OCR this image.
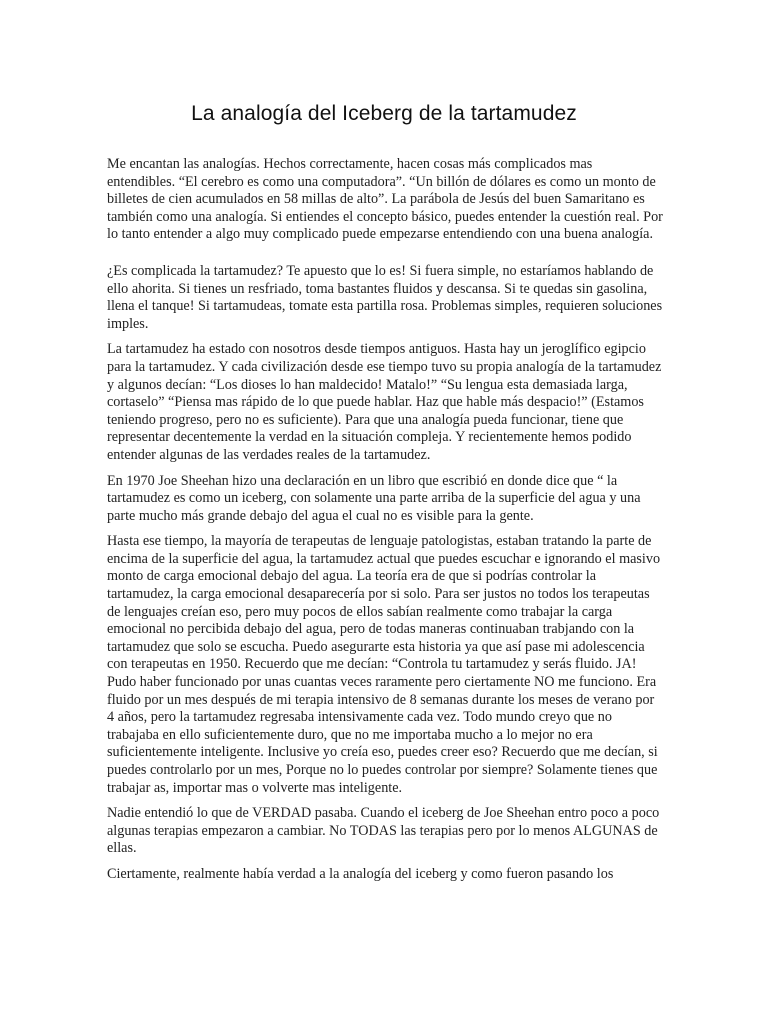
La analogía del Iceberg de la tartamudez

Me encantan las analogías. Hechos correctamente, hacen cosas más complicados mas entendibles. “El cerebro es como una computadora”. “Un billón de dólares es como un monto de billetes de cien acumulados en 58 millas de alto”. La parábola de Jesús del buen Samaritano es también como una analogía. Si entiendes el concepto básico, puedes entender la cuestión real. Por lo tanto entender a algo muy complicado puede empezarse entendiendo con una buena analogía.

¿Es complicada la tartamudez? Te apuesto que lo es! Si fuera simple, no estaríamos hablando de ello ahorita. Si tienes un resfriado, toma bastantes fluidos y descansa. Si te quedas sin gasolina, llena el tanque! Si tartamudeas, tomate esta partilla rosa. Problemas simples, requieren soluciones imples.

La tartamudez ha estado con nosotros desde tiempos antiguos. Hasta hay un jeroglífico egipcio para la tartamudez. Y cada civilización desde ese tiempo tuvo su propia analogía de la tartamudez y algunos decían: “Los dioses lo han maldecido! Matalo!” “Su lengua esta demasiada larga, cortaselo” “Piensa mas rápido de lo que puede hablar. Haz que hable más despacio!” (Estamos teniendo progreso, pero no es suficiente). Para que una analogía pueda funcionar, tiene que representar decentemente la verdad en la situación compleja. Y recientemente hemos podido entender algunas de las verdades reales de la tartamudez.

En 1970 Joe Sheehan hizo una declaración en un libro que escribió en donde dice que “ la tartamudez es como un iceberg, con solamente una parte arriba de la superficie del agua y una parte mucho más grande debajo del agua el cual no es visible para la gente.

Hasta ese tiempo, la mayoría de terapeutas de lenguaje patologistas, estaban tratando la parte de encima de la superficie del agua, la tartamudez actual que puedes escuchar e ignorando el masivo monto de carga emocional debajo del agua. La teoría era de que si podrías controlar la tartamudez, la carga emocional desaparecería por si solo. Para ser justos no todos los terapeutas de lenguajes creían eso, pero muy pocos de ellos sabían realmente como trabajar la carga emocional no percibida debajo del agua, pero de todas maneras continuaban trabjando con la tartamudez que solo se escucha. Puedo asegurarte esta historia ya que así pase mi adolescencia con terapeutas en 1950. Recuerdo que me decían: “Controla tu tartamudez y serás fluido. JA! Pudo haber funcionado por unas cuantas veces raramente pero ciertamente NO me funciono. Era fluido por un mes después de mi terapia intensivo de 8 semanas durante los meses de verano por 4 años, pero la tartamudez regresaba intensivamente cada vez. Todo mundo creyo que no trabajaba en ello suficientemente duro, que no me importaba mucho a lo mejor no era suficientemente inteligente. Inclusive yo creía eso, puedes creer eso? Recuerdo que me decían, si puedes controlarlo por un mes, Porque no lo puedes controlar por siempre? Solamente tienes que trabajar as, importar mas o volverte mas inteligente.

Nadie entendió lo que de VERDAD pasaba. Cuando el iceberg de Joe Sheehan entro poco a poco algunas terapias empezaron a cambiar. No TODAS las terapias pero por lo menos ALGUNAS de ellas.

Ciertamente, realmente había verdad a la analogía del iceberg y como fueron pasando los
